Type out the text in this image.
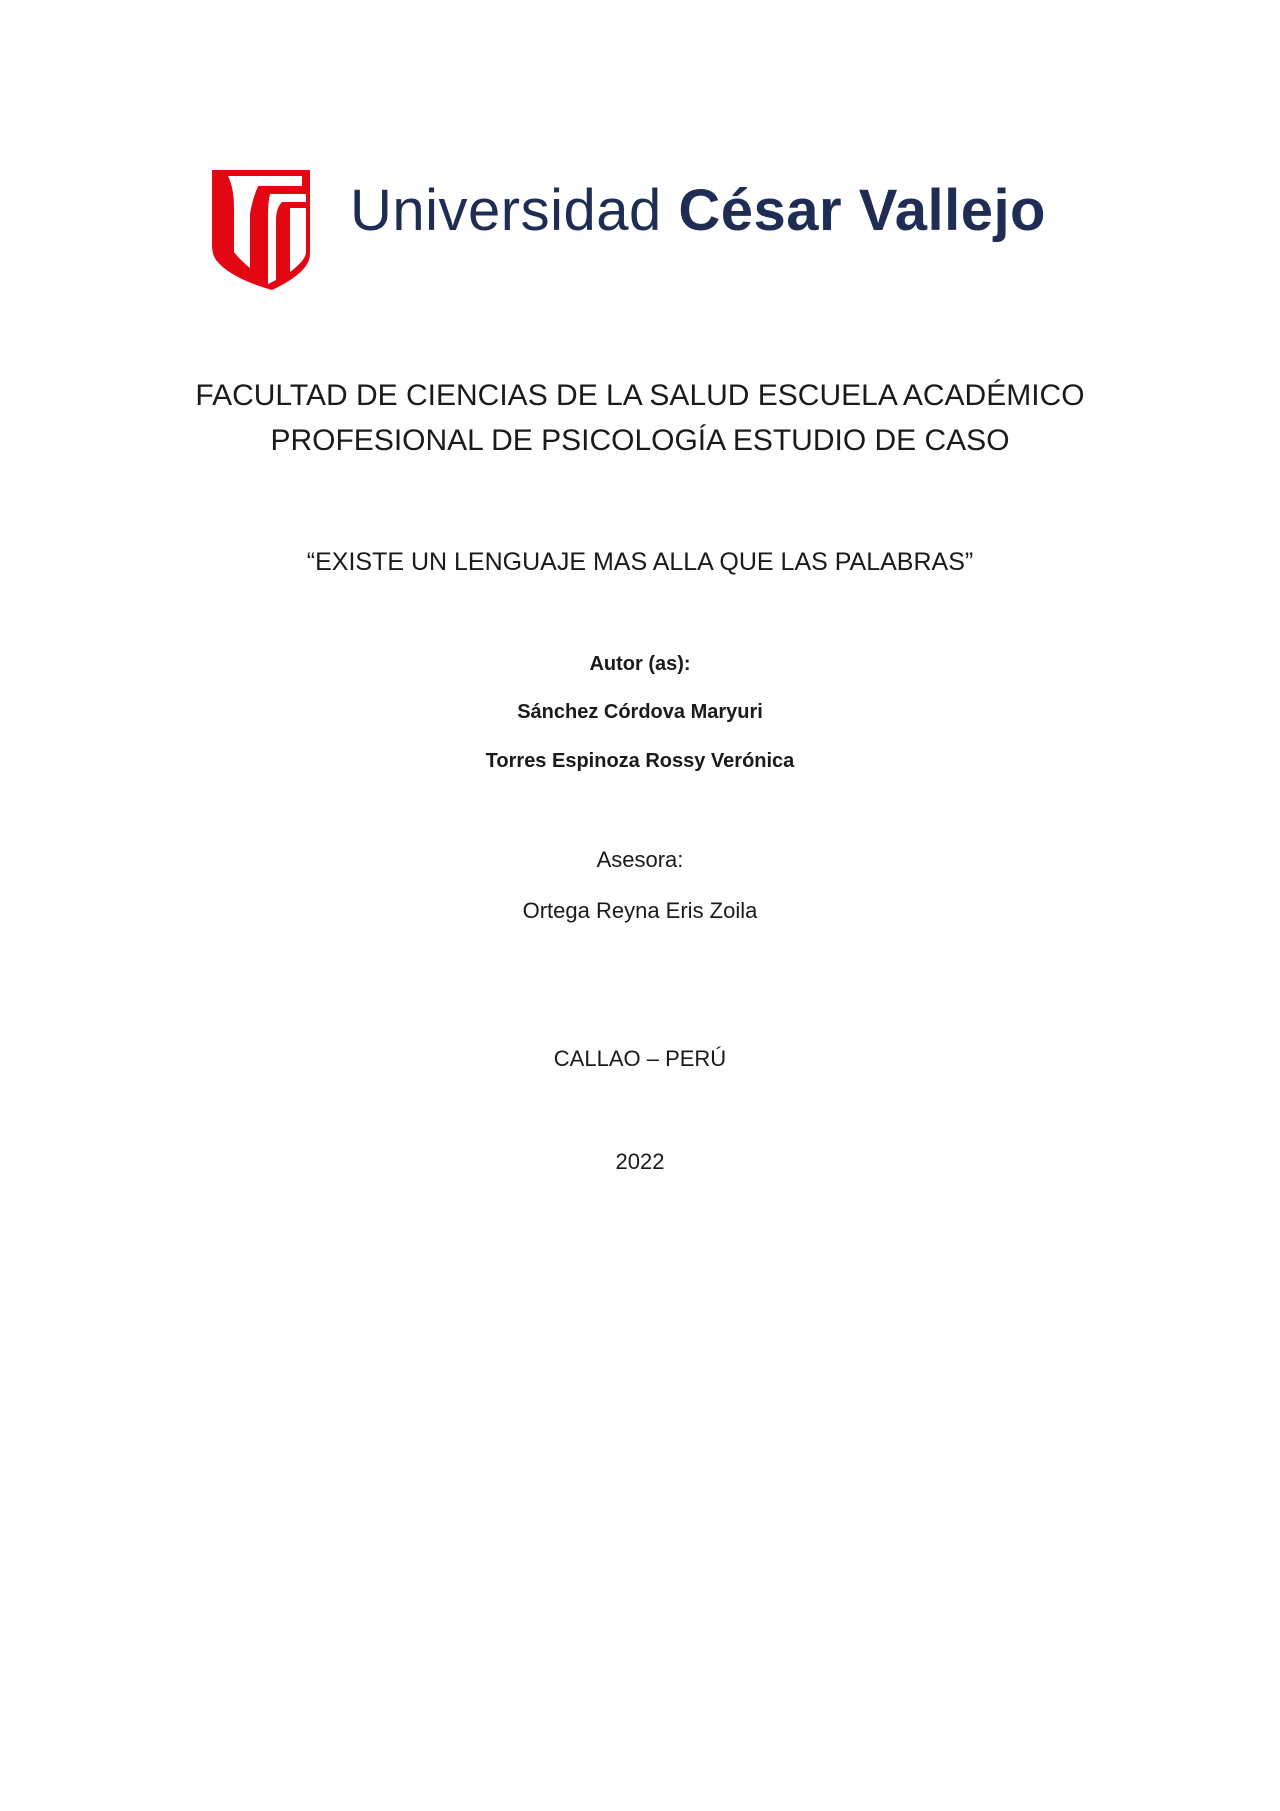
Universidad César Vallejo
FACULTAD DE CIENCIAS DE LA SALUD ESCUELA ACADÉMICO
PROFESIONAL DE PSICOLOGÍA ESTUDIO DE CASO
“EXISTE UN LENGUAJE MAS ALLA QUE LAS PALABRAS”
Autor (as):
Sánchez Córdova Maryuri
Torres Espinoza Rossy Verónica
Asesora:
Ortega Reyna Eris Zoila
CALLAO – PERÚ
2022
